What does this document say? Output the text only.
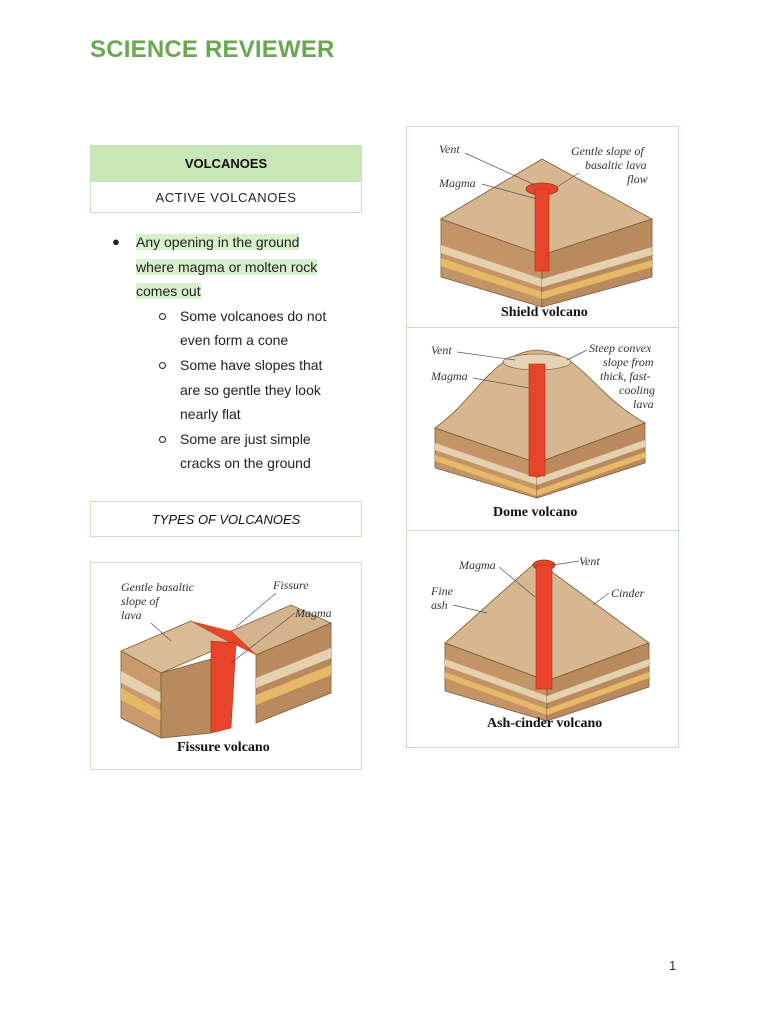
SCIENCE REVIEWER
VOLCANOES
ACTIVE VOLCANOES
● Any opening in the ground
where magma or molten rock
comes out
Some volcanoes do not
even form a cone
Some have slopes that
are so gentle they look
nearly flat
Some are just simple
cracks on the ground
TYPES OF VOLCANOES
Gentle basaltic
slope of
lava
Fissure
Magma
Fissure volcano
Vent
Magma
Gentle slope of
basaltic lava
flow
Shield volcano
Vent
Magma
Steep convex
slope from
thick, fast-
cooling
lava
Dome volcano
Magma	Vent
Fine
ash
Cinder
Ash-cinder volcano
1
